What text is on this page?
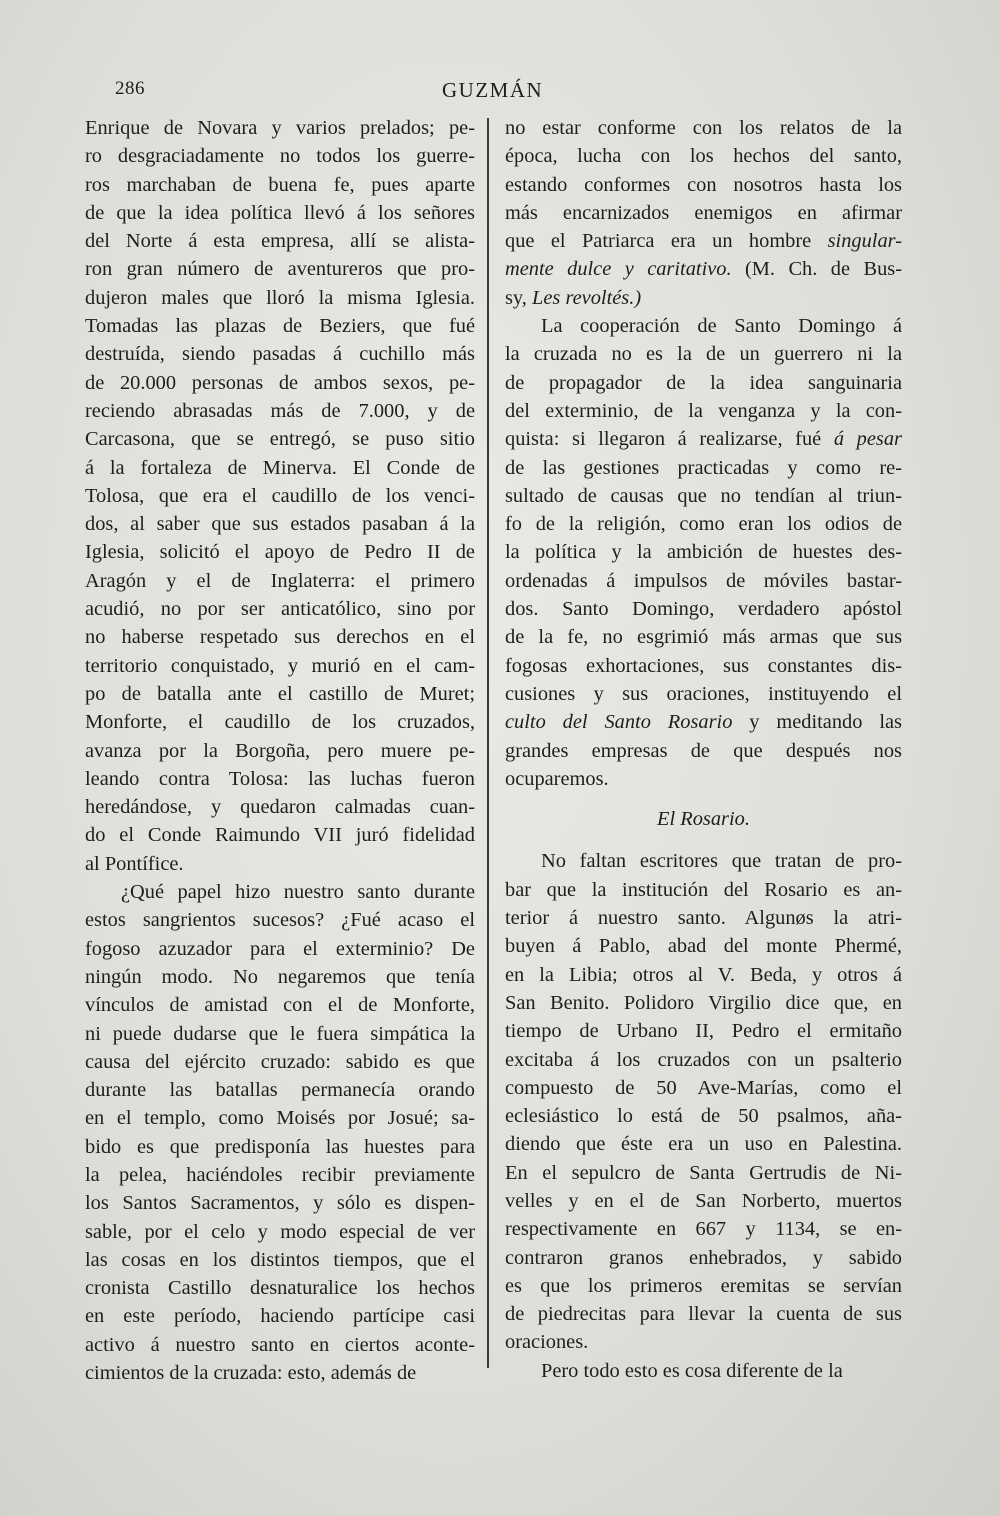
286	GUZMÁN

Enrique de Novara y varios prelados; pe-
ro desgraciadamente no todos los guerre-
ros marchaban de buena fe, pues aparte
de que la idea política llevó á los señores
del Norte á esta empresa, allí se alista-
ron gran número de aventureros que pro-
dujeron males que lloró la misma Iglesia.
Tomadas las plazas de Beziers, que fué
destruída, siendo pasadas á cuchillo más
de 20.000 personas de ambos sexos, pe-
reciendo abrasadas más de 7.000, y de
Carcasona, que se entregó, se puso sitio
á la fortaleza de Minerva. El Conde de
Tolosa, que era el caudillo de los venci-
dos, al saber que sus estados pasaban á la
Iglesia, solicitó el apoyo de Pedro II de
Aragón y el de Inglaterra: el primero
acudió, no por ser anticatólico, sino por
no haberse respetado sus derechos en el
territorio conquistado, y murió en el cam-
po de batalla ante el castillo de Muret;
Monforte, el caudillo de los cruzados,
avanza por la Borgoña, pero muere pe-
leando contra Tolosa: las luchas fueron
heredándose, y quedaron calmadas cuan-
do el Conde Raimundo VII juró fidelidad
al Pontífice.

¿Qué papel hizo nuestro santo durante
estos sangrientos sucesos? ¿Fué acaso el
fogoso azuzador para el exterminio? De
ningún modo. No negaremos que tenía
vínculos de amistad con el de Monforte,
ni puede dudarse que le fuera simpática la
causa del ejército cruzado: sabido es que
durante las batallas permanecía orando
en el templo, como Moisés por Josué; sa-
bido es que predisponía las huestes para
la pelea, haciéndoles recibir previamente
los Santos Sacramentos, y sólo es dispen-
sable, por el celo y modo especial de ver
las cosas en los distintos tiempos, que el
cronista Castillo desnaturalice los hechos
en este período, haciendo partícipe casi
activo á nuestro santo en ciertos aconte-
cimientos de la cruzada: esto, además de

no estar conforme con los relatos de la
época, lucha con los hechos del santo,
estando conformes con nosotros hasta los
más encarnizados enemigos en afirmar
que el Patriarca era un hombre singular-
mente dulce y caritativo. (M. Ch. de Bus-
sy, Les revoltés.)

La cooperación de Santo Domingo á
la cruzada no es la de un guerrero ni la
de propagador de la idea sanguinaria
del exterminio, de la venganza y la con-
quista: si llegaron á realizarse, fué á pesar
de las gestiones practicadas y como re-
sultado de causas que no tendían al triun-
fo de la religión, como eran los odios de
la política y la ambición de huestes des-
ordenadas á impulsos de móviles bastar-
dos. Santo Domingo, verdadero apóstol
de la fe, no esgrimió más armas que sus
fogosas exhortaciones, sus constantes dis-
cusiones y sus oraciones, instituyendo el
culto del Santo Rosario y meditando las
grandes empresas de que después nos
ocuparemos.

El Rosario.

No faltan escritores que tratan de pro-
bar que la institución del Rosario es an-
terior á nuestro santo. Algunøs la atri-
buyen á Pablo, abad del monte Phermé,
en la Libia; otros al V. Beda, y otros á
San Benito. Polidoro Virgilio dice que, en
tiempo de Urbano II, Pedro el ermitaño
excitaba á los cruzados con un psalterio
compuesto de 50 Ave-Marías, como el
eclesiástico lo está de 50 psalmos, aña-
diendo que éste era un uso en Palestina.
En el sepulcro de Santa Gertrudis de Ni-
velles y en el de San Norberto, muertos
respectivamente en 667 y 1134, se en-
contraron granos enhebrados, y sabido
es que los primeros eremitas se servían
de piedrecitas para llevar la cuenta de sus
oraciones.

Pero todo esto es cosa diferente de la
